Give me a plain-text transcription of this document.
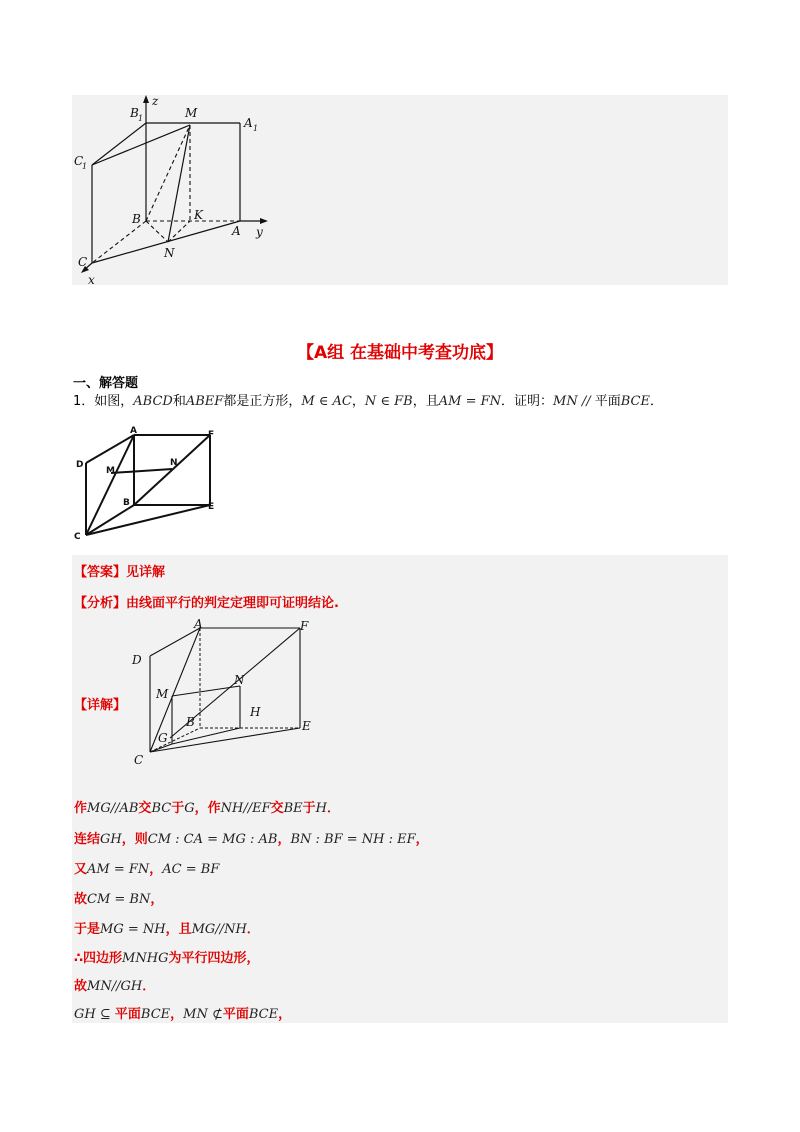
B 1
z
M
A 1
C
1
B	K
A y
N
C
x
【A组 在基础中考查功底】
一、解答题
1．如图，ABCD和ABEF都是正方形，M ∈ AC，N ∈ FB，且AM = FN．证明：MN // 平面BCE．
A	F
D
M
N
B	E
C
【答案】见详解
【分析】由线面平行的判定定理即可证明结论.
【详解】
A	F
D
M
N
B
H
E
G
C
作MG//AB交BC于G，作NH//EF交BE于H．
连结GH，则CM : CA = MG : AB，BN : BF = NH : EF，
又AM = FN，AC = BF
故CM = BN，
于是MG = NH，且MG//NH．
∴四边形MNHG为平行四边形，
故MN//GH．
GH ⊆ 平面BCE，MN ⊄平面BCE，
